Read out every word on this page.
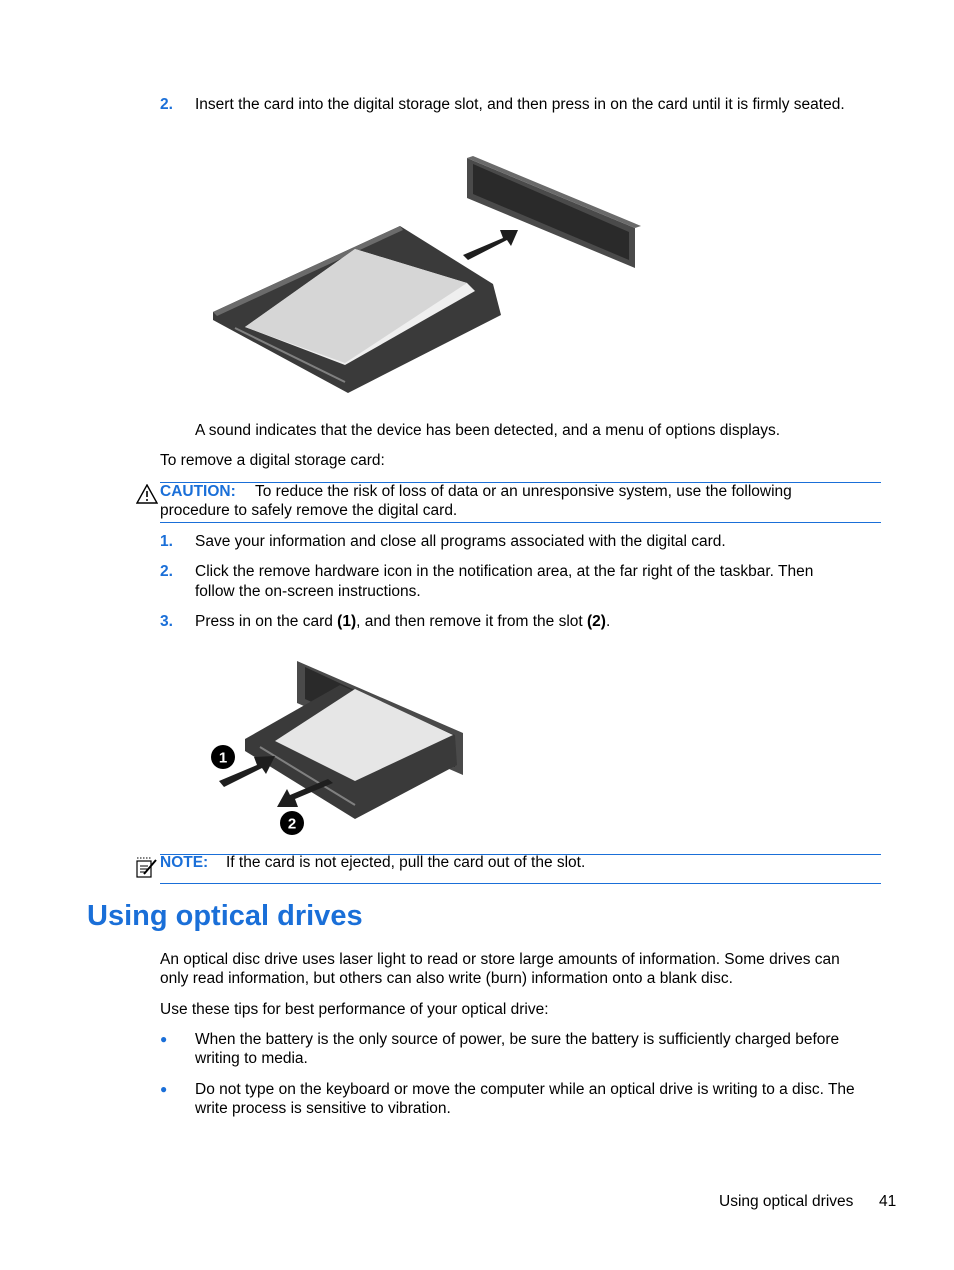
2. Insert the card into the digital storage slot, and then press in on the card until it is firmly seated.
A sound indicates that the device has been detected, and a menu of options displays.
To remove a digital storage card:
CAUTION: To reduce the risk of loss of data or an unresponsive system, use the following
procedure to safely remove the digital card.
1. Save your information and close all programs associated with the digital card.
2. Click the remove hardware icon in the notification area, at the far right of the taskbar. Then
follow the on-screen instructions.
3. Press in on the card (1), and then remove it from the slot (2).
1
2
NOTE: If the card is not ejected, pull the card out of the slot.
Using optical drives
An optical disc drive uses laser light to read or store large amounts of information. Some drives can
only read information, but others can also write (burn) information onto a blank disc.
Use these tips for best performance of your optical drive:
● When the battery is the only source of power, be sure the battery is sufficiently charged before
writing to media.
● Do not type on the keyboard or move the computer while an optical drive is writing to a disc. The
write process is sensitive to vibration.
Using optical drives 41
